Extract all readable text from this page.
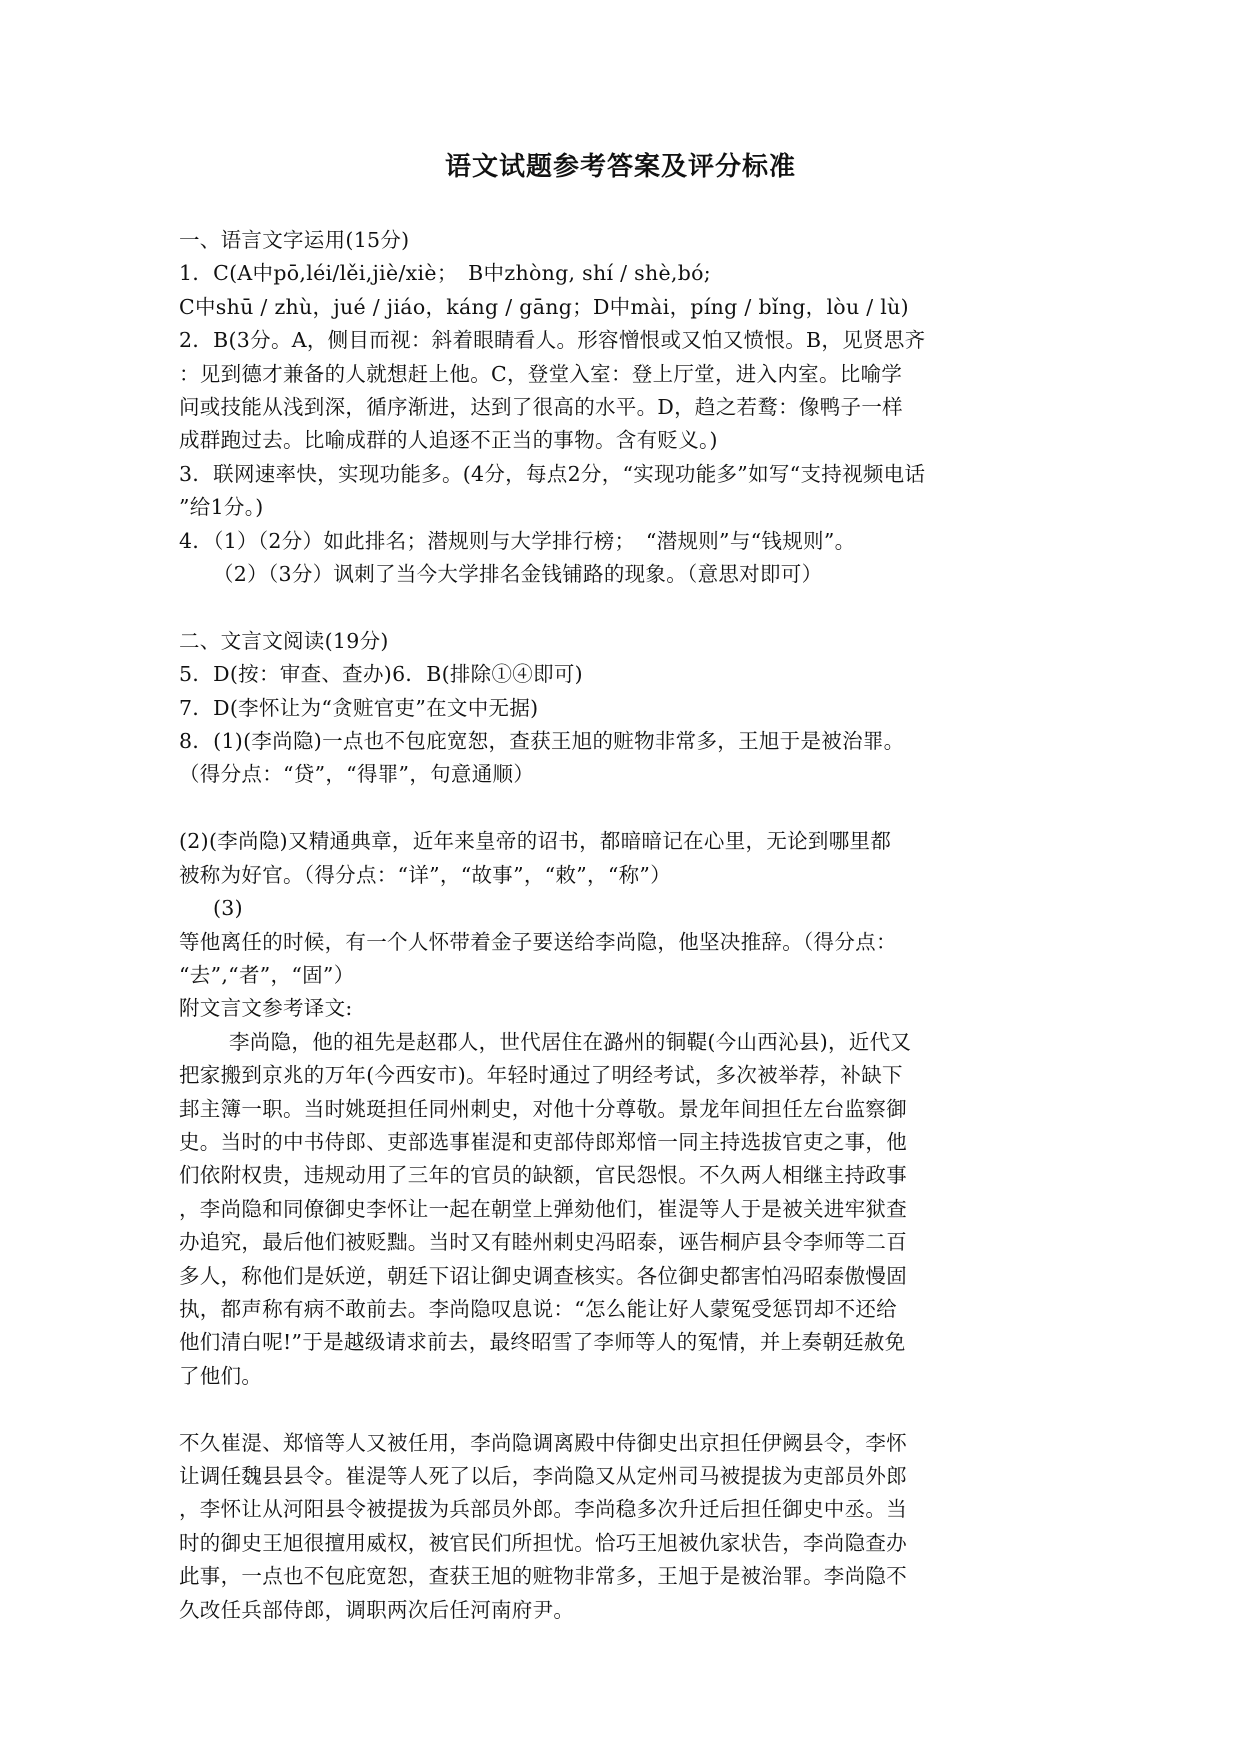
语文试题参考答案及评分标准
一、语言文字运用(15分)
1．C(A中pō,léi/lěi,jiè/xiè；　B中zhòng, shí / shè,bó;
C中shū / zhù，jué / jiáo，káng / gāng；D中mài，píng / bǐng，lòu / lù)
2．B(3分。A，侧目而视：斜着眼睛看人。形容憎恨或又怕又愤恨。B，见贤思齐
：见到德才兼备的人就想赶上他。C，登堂入室：登上厅堂，进入内室。比喻学
问或技能从浅到深，循序渐进，达到了很高的水平。D，趋之若鹜：像鸭子一样
成群跑过去。比喻成群的人追逐不正当的事物。含有贬义。)
3．联网速率快，实现功能多。(4分，每点2分，“实现功能多”如写“支持视频电话
”给1分。)
4．（1）（2分）如此排名；潜规则与大学排行榜；　“潜规则”与“钱规则”。
（2）（3分）讽刺了当今大学排名金钱铺路的现象。（意思对即可）
二、文言文阅读(19分)
5．D(按：审查、查办)6．B(排除①④即可)
7．D(李怀让为“贪赃官吏”在文中无据)
8．(1)(李尚隐)一点也不包庇宽恕，查获王旭的赃物非常多，王旭于是被治罪。
（得分点：“贷”，“得罪”，句意通顺）
(2)(李尚隐)又精通典章，近年来皇帝的诏书，都暗暗记在心里，无论到哪里都
被称为好官。（得分点：“详”，“故事”，“敕”，“称”）
(3)
等他离任的时候，有一个人怀带着金子要送给李尚隐，他坚决推辞。（得分点：
“去”,“者”，“固”）
附文言文参考译文:
李尚隐，他的祖先是赵郡人，世代居住在潞州的铜鞮(今山西沁县)，近代又
把家搬到京兆的万年(今西安市)。年轻时通过了明经考试，多次被举荐，补缺下
邽主簿一职。当时姚珽担任同州刺史，对他十分尊敬。景龙年间担任左台监察御
史。当时的中书侍郎、吏部选事崔湜和吏部侍郎郑愔一同主持选拔官吏之事，他
们依附权贵，违规动用了三年的官员的缺额，官民怨恨。不久两人相继主持政事
，李尚隐和同僚御史李怀让一起在朝堂上弹劾他们，崔湜等人于是被关进牢狱查
办追究，最后他们被贬黜。当时又有睦州刺史冯昭泰，诬告桐庐县令李师等二百
多人，称他们是妖逆，朝廷下诏让御史调查核实。各位御史都害怕冯昭泰傲慢固
执，都声称有病不敢前去。李尚隐叹息说：“怎么能让好人蒙冤受惩罚却不还给
他们清白呢!”于是越级请求前去，最终昭雪了李师等人的冤情，并上奏朝廷赦免
了他们。
不久崔湜、郑愔等人又被任用，李尚隐调离殿中侍御史出京担任伊阙县令，李怀
让调任魏县县令。崔湜等人死了以后，李尚隐又从定州司马被提拔为吏部员外郎
，李怀让从河阳县令被提拔为兵部员外郎。李尚稳多次升迁后担任御史中丞。当
时的御史王旭很擅用威权，被官民们所担忧。恰巧王旭被仇家状告，李尚隐查办
此事，一点也不包庇宽恕，查获王旭的赃物非常多，王旭于是被治罪。李尚隐不
久改任兵部侍郎，调职两次后任河南府尹。
